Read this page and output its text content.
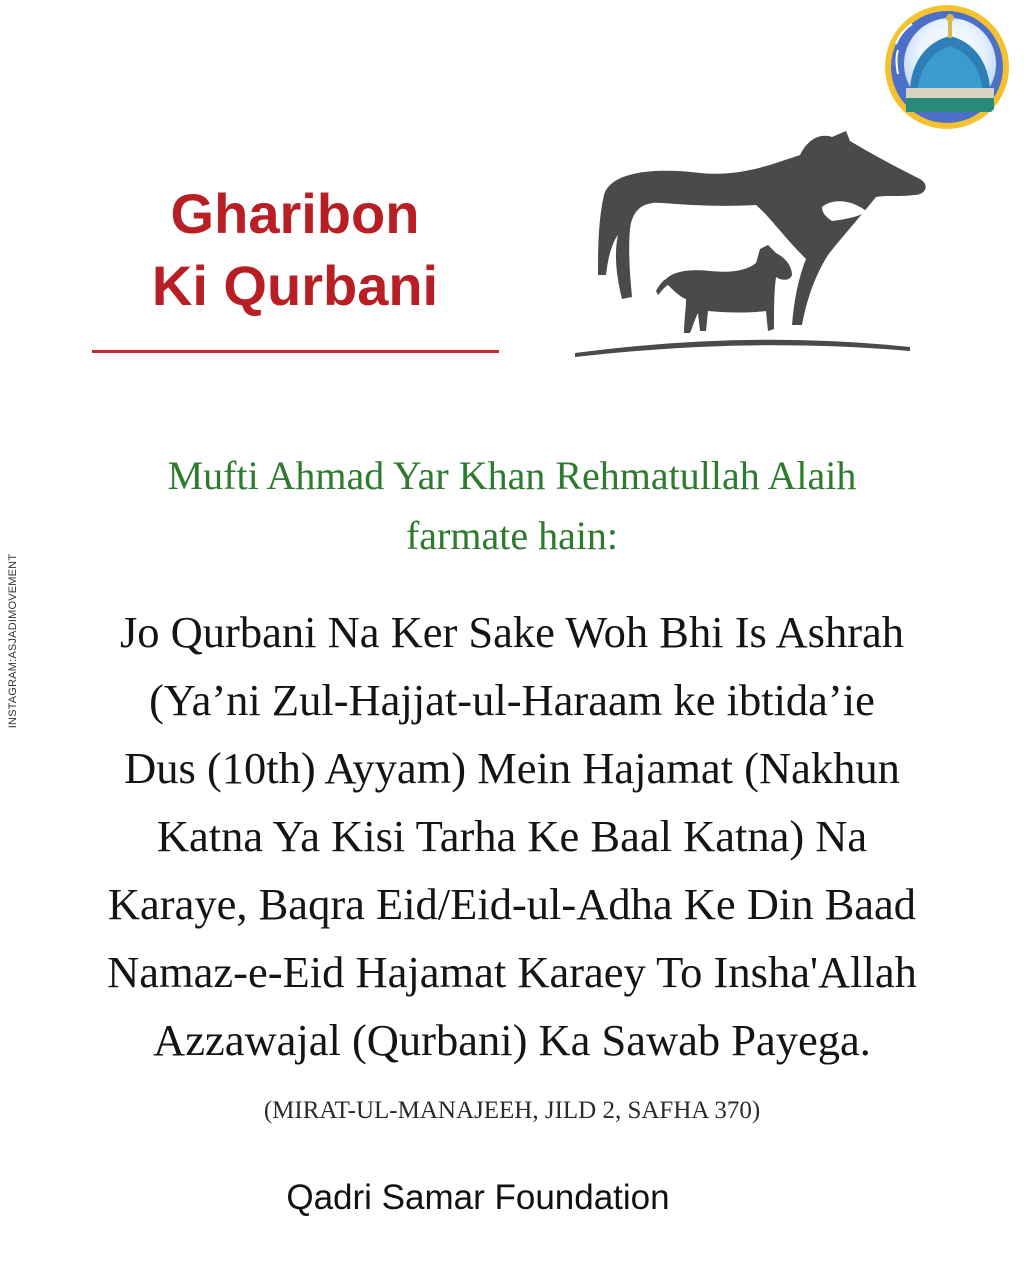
Gharibon
Ki Qurbani
INSTAGRAM:ASJADIMOVEMENT
Mufti Ahmad Yar Khan Rehmatullah Alaih
farmate hain:
Jo Qurbani Na Ker Sake Woh Bhi Is Ashrah
(Ya’ni Zul-Hajjat-ul-Haraam ke ibtida’ie
Dus (10th) Ayyam) Mein Hajamat (Nakhun
Katna Ya Kisi Tarha Ke Baal Katna) Na
Karaye, Baqra Eid/Eid-ul-Adha Ke Din Baad
Namaz-e-Eid Hajamat Karaey To Insha'Allah
Azzawajal (Qurbani) Ka Sawab Payega.
(MIRAT-UL-MANAJEEH, JILD 2, SAFHA 370)
Qadri Samar Foundation
